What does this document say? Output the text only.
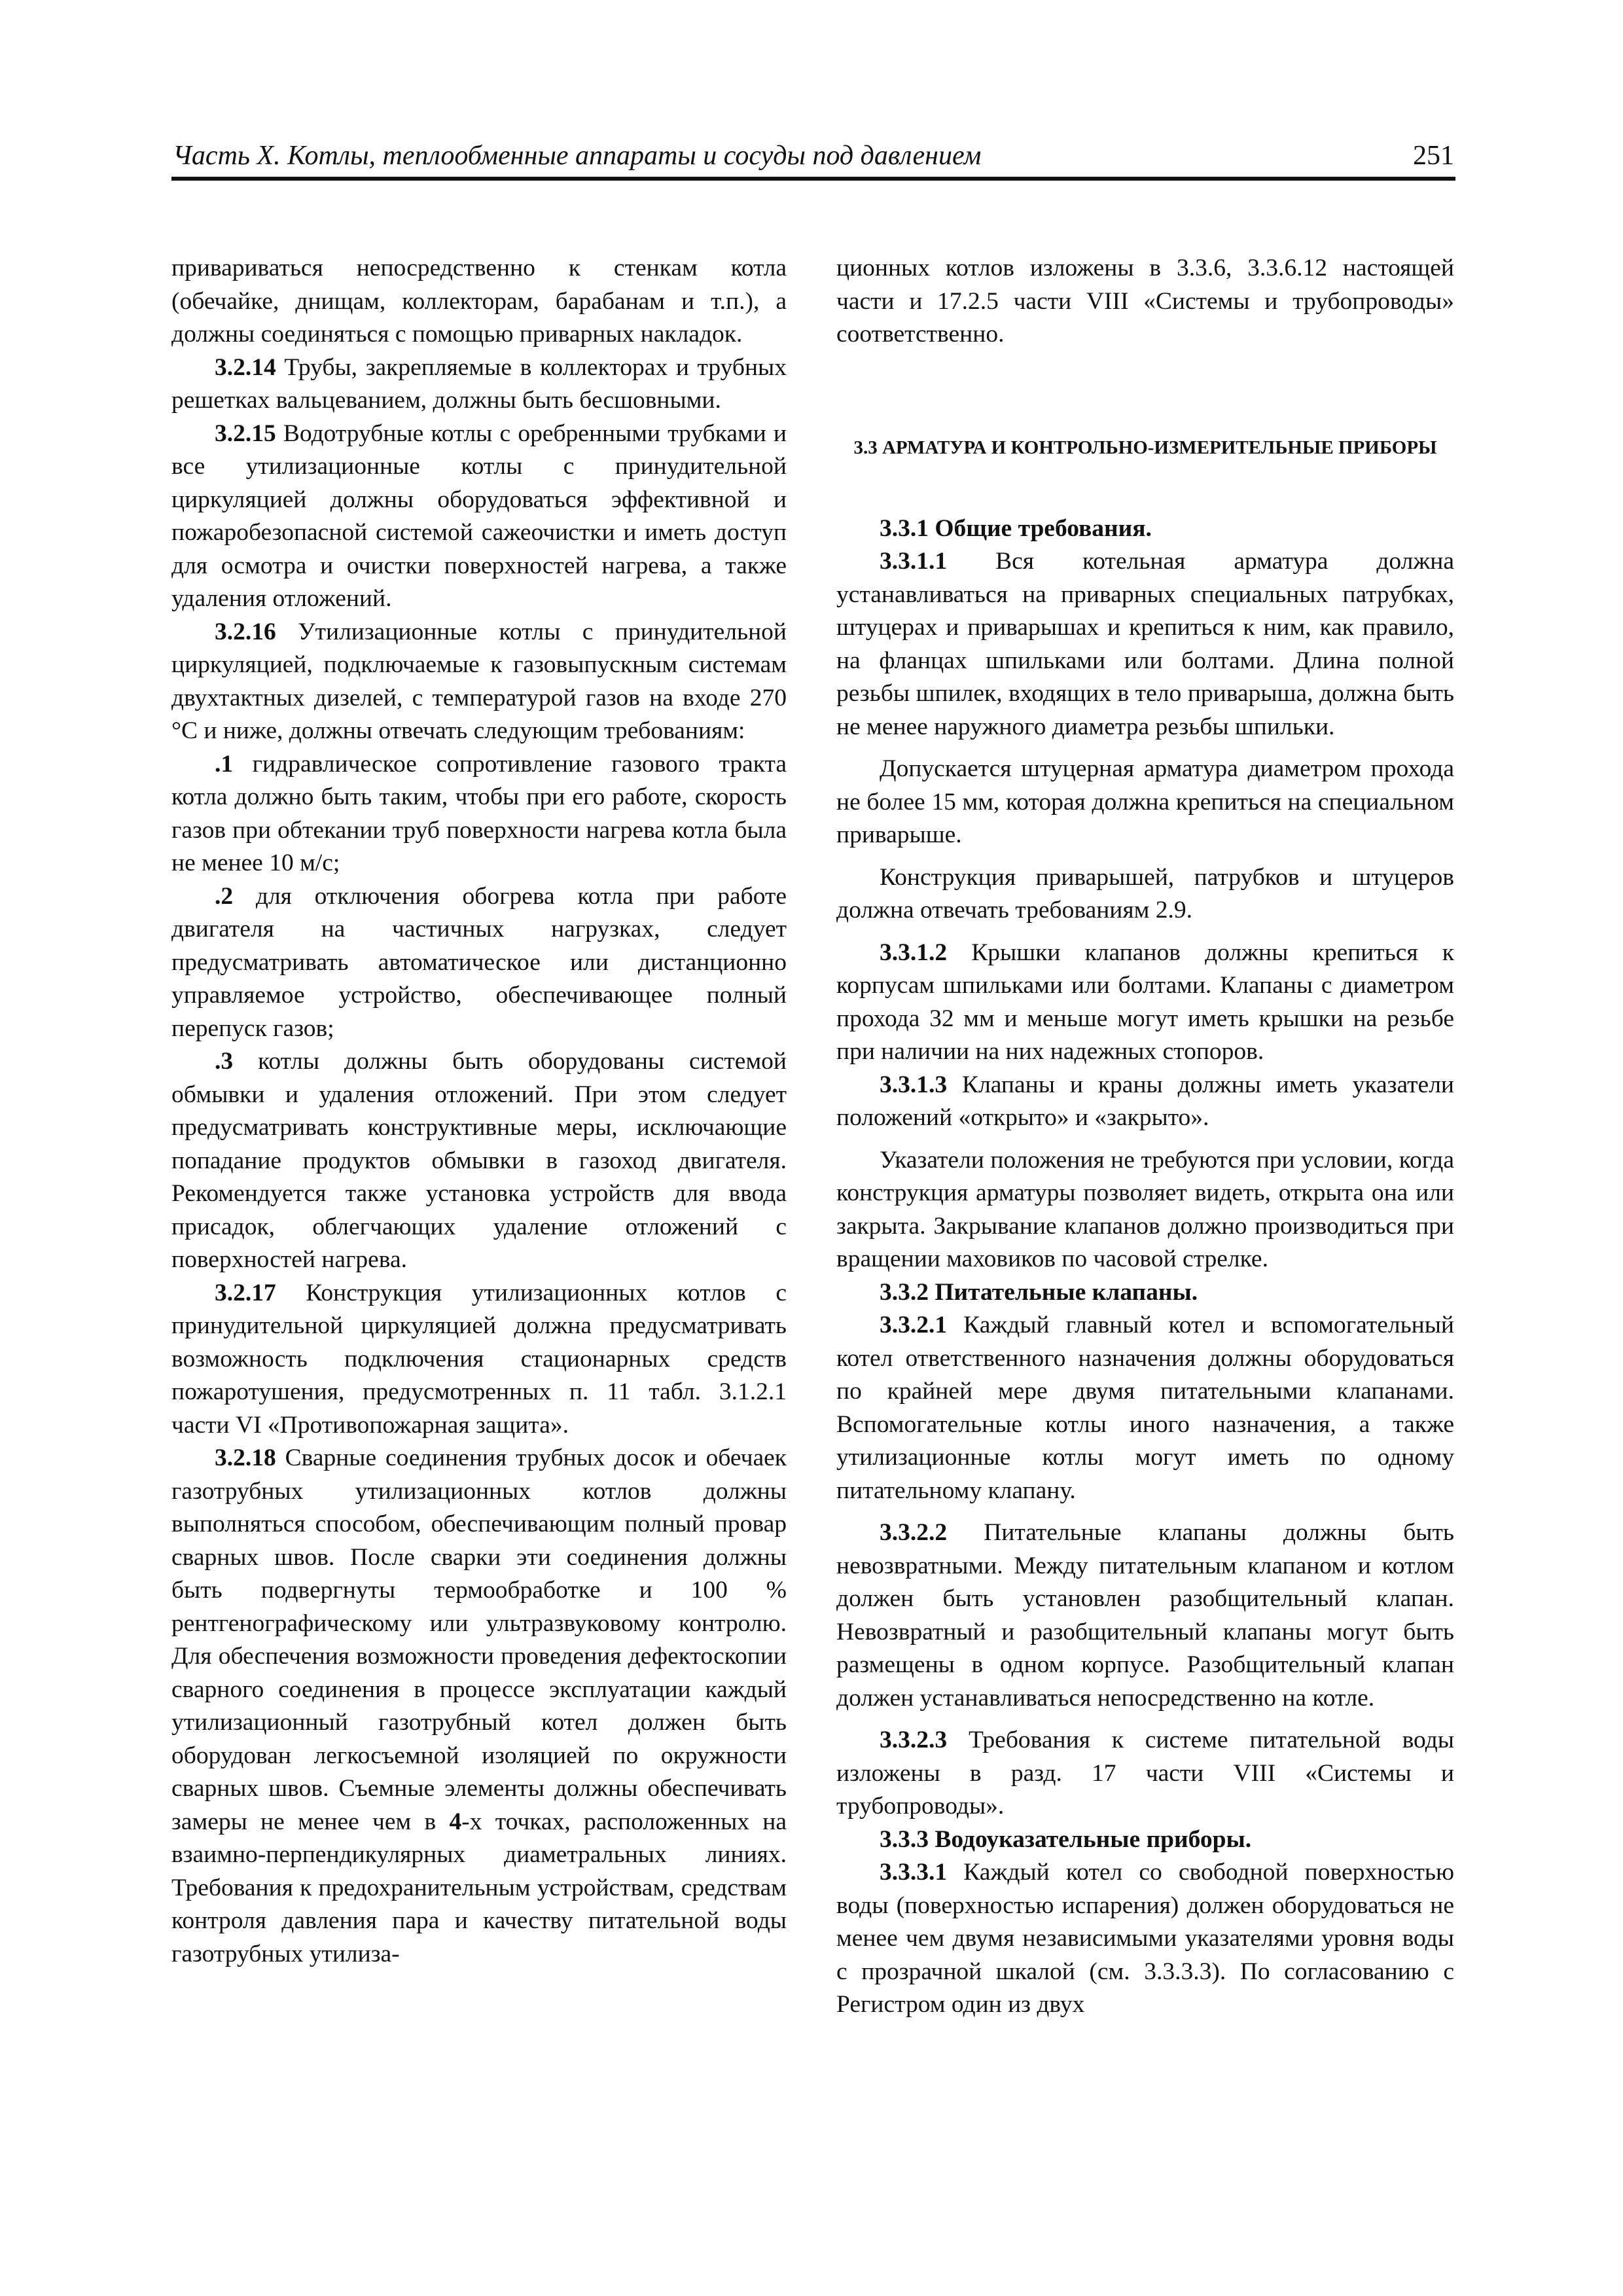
Часть X. Котлы, теплообменные аппараты и сосуды под давлением	251

привариваться непосредственно к стенкам котла (обечайке, днищам, коллекторам, барабанам и т.п.), а должны соединяться с помощью приварных накладок.

3.2.14 Трубы, закрепляемые в коллекторах и трубных решетках вальцеванием, должны быть бесшовными.

3.2.15 Водотрубные котлы с оребренными трубками и все утилизационные котлы с принудительной циркуляцией должны оборудоваться эффективной и пожаробезопасной системой сажеочистки и иметь доступ для осмотра и очистки поверхностей нагрева, а также удаления отложений.

3.2.16 Утилизационные котлы с принудительной циркуляцией, подключаемые к газовыпускным системам двухтактных дизелей, с температурой газов на входе 270 °С и ниже, должны отвечать следующим требованиям:

.1 гидравлическое сопротивление газового тракта котла должно быть таким, чтобы при его работе, скорость газов при обтекании труб поверхности нагрева котла была не менее 10 м/с;

.2 для отключения обогрева котла при работе двигателя на частичных нагрузках, следует предусматривать автоматическое или дистанционно управляемое устройство, обеспечивающее полный перепуск газов;

.3 котлы должны быть оборудованы системой обмывки и удаления отложений. При этом следует предусматривать конструктивные меры, исключающие попадание продуктов обмывки в газоход двигателя. Рекомендуется также установка устройств для ввода присадок, облегчающих удаление отложений с поверхностей нагрева.

3.2.17 Конструкция утилизационных котлов с принудительной циркуляцией должна предусматривать возможность подключения стационарных средств пожаротушения, предусмотренных п. 11 табл. 3.1.2.1 части VI «Противопожарная защита».

3.2.18 Сварные соединения трубных досок и обечаек газотрубных утилизационных котлов должны выполняться способом, обеспечивающим полный провар сварных швов. После сварки эти соединения должны быть подвергнуты термообработке и 100 % рентгенографическому или ультразвуковому контролю. Для обеспечения возможности проведения дефектоскопии сварного соединения в процессе эксплуатации каждый утилизационный газотрубный котел должен быть оборудован легкосъемной изоляцией по окружности сварных швов. Съемные элементы должны обеспечивать замеры не менее чем в 4-х точках, расположенных на взаимно-перпендикулярных диаметральных линиях. Требования к предохранительным устройствам, средствам контроля давления пара и качеству питательной воды газотрубных утилиза-

ционных котлов изложены в 3.3.6, 3.3.6.12 настоящей части и 17.2.5 части VIII «Системы и трубопроводы» соответственно.

3.3 АРМАТУРА И КОНТРОЛЬНО-ИЗМЕРИТЕЛЬНЫЕ ПРИБОРЫ

3.3.1 Общие требования.

3.3.1.1 Вся котельная арматура должна устанавливаться на приварных специальных патрубках, штуцерах и приварышах и крепиться к ним, как правило, на фланцах шпильками или болтами. Длина полной резьбы шпилек, входящих в тело приварыша, должна быть не менее наружного диаметра резьбы шпильки.

Допускается штуцерная арматура диаметром прохода не более 15 мм, которая должна крепиться на специальном приварыше.

Конструкция приварышей, патрубков и штуцеров должна отвечать требованиям 2.9.

3.3.1.2 Крышки клапанов должны крепиться к корпусам шпильками или болтами. Клапаны с диаметром прохода 32 мм и меньше могут иметь крышки на резьбе при наличии на них надежных стопоров.

3.3.1.3 Клапаны и краны должны иметь указатели положений «открыто» и «закрыто».

Указатели положения не требуются при условии, когда конструкция арматуры позволяет видеть, открыта она или закрыта. Закрывание клапанов должно производиться при вращении маховиков по часовой стрелке.

3.3.2 Питательные клапаны.

3.3.2.1 Каждый главный котел и вспомогательный котел ответственного назначения должны оборудоваться по крайней мере двумя питательными клапанами. Вспомогательные котлы иного назначения, а также утилизационные котлы могут иметь по одному питательному клапану.

3.3.2.2 Питательные клапаны должны быть невозвратными. Между питательным клапаном и котлом должен быть установлен разобщительный клапан. Невозвратный и разобщительный клапаны могут быть размещены в одном корпусе. Разобщительный клапан должен устанавливаться непосредственно на котле.

3.3.2.3 Требования к системе питательной воды изложены в разд. 17 части VIII «Системы и трубопроводы».

3.3.3 Водоуказательные приборы.

3.3.3.1 Каждый котел со свободной поверхностью воды (поверхностью испарения) должен оборудоваться не менее чем двумя независимыми указателями уровня воды с прозрачной шкалой (см. 3.3.3.3). По согласованию с Регистром один из двух
